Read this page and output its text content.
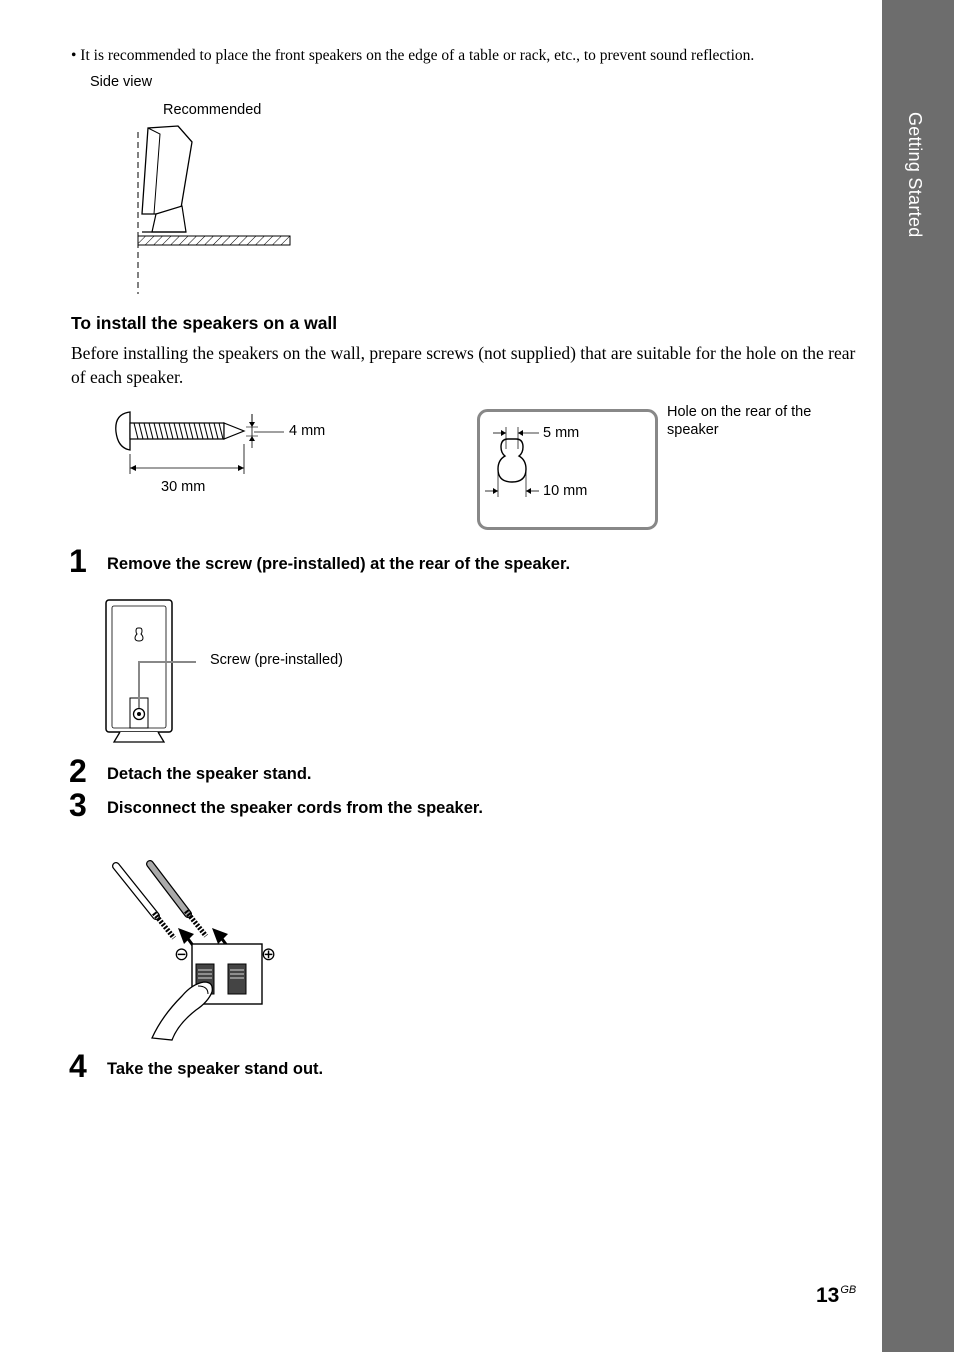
Getting Started
• It is recommended to place the front speakers on the edge of a table or rack, etc., to prevent sound reflection.
Side view
Recommended
To install the speakers on a wall
Before installing the speakers on the wall, prepare screws (not supplied) that are suitable for the hole on the rear of each speaker.
4 mm
30 mm
5 mm
10 mm
Hole on the rear of the speaker
1 Remove the screw (pre-installed) at the rear of the speaker.
Screw (pre-installed)
2 Detach the speaker stand.
3 Disconnect the speaker cords from the speaker.
⊖	⊕
4 Take the speaker stand out.
$13^{GB}$
